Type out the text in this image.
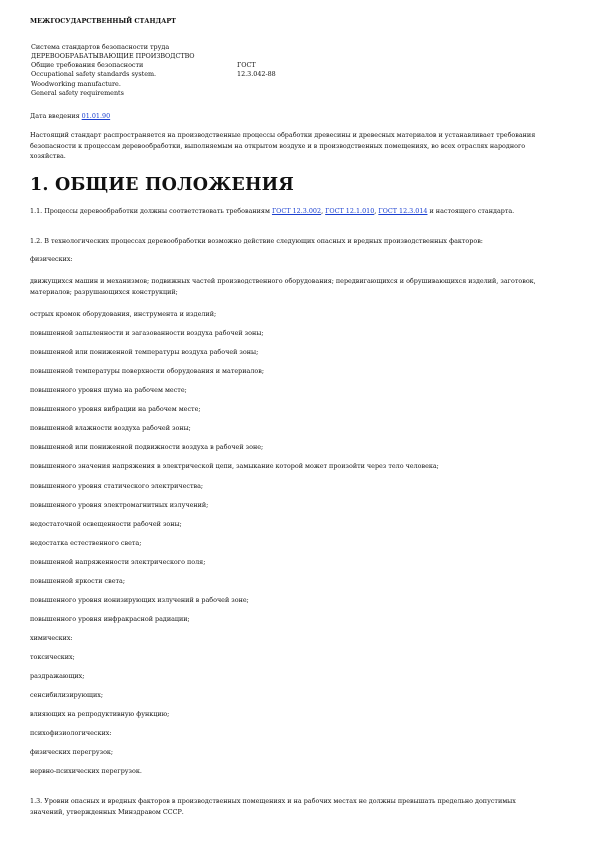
МЕЖГОСУДАРСТВЕННЫЙ СТАНДАРТ
Система стандартов безопасности труда
ДЕРЕВООБРАБАТЫВАЮЩИЕ ПРОИЗВОДСТВО
Общие требования безопасности	ГОСТ
Occupational safety standards system.	12.3.042-88
Woodworking manufacture.
General safety requirements
Дата введения 01.01.90
Настоящий стандарт распространяется на производственные процессы обработки древесины и древесных материалов и устанавливает требования безопасности к процессам деревообработки, выполняемым на открытом воздухе и в производственных помещениях, во всех отраслях народного хозяйства.
1. ОБЩИЕ ПОЛОЖЕНИЯ
1.1. Процессы деревообработки должны соответствовать требованиям ГОСТ 12.3.002, ГОСТ 12.1.010, ГОСТ 12.3.014 и настоящего стандарта.
1.2. В технологических процессах деревообработки возможно действие следующих опасных и вредных производственных факторов:
физических:
движущихся машин и механизмов; подвижных частей производственного оборудования; передвигающихся и обрушивающихся изделий, заготовок, материалов; разрушающихся конструкций;
острых кромок оборудования, инструмента и изделий;
повышенной запыленности и загазованности воздуха рабочей зоны;
повышенной или пониженной температуры воздуха рабочей зоны;
повышенной температуры поверхности оборудования и материалов;
повышенного уровня шума на рабочем месте;
повышенного уровня вибрации на рабочем месте;
повышенной влажности воздуха рабочей зоны;
повышенной или пониженной подвижности воздуха в рабочей зоне;
повышенного значения напряжения в электрической цепи, замыкание которой может произойти через тело человека;
повышенного уровня статического электричества;
повышенного уровня электромагнитных излучений;
недостаточной освещенности рабочей зоны;
недостатка естественного света;
повышенной напряженности электрического поля;
повышенной яркости света;
повышенного уровня ионизирующих излучений в рабочей зоне;
повышенного уровня инфракрасной радиации;
химических:
токсических;
раздражающих;
сенсибилизирующих;
влияющих на репродуктивную функцию;
психофизиологических:
физических перегрузок;
нервно-психических перегрузок.
1.3. Уровни опасных и вредных факторов в производственных помещениях и на рабочих местах не должны превышать предельно допустимых значений, утвержденных Минздравом СССР.
